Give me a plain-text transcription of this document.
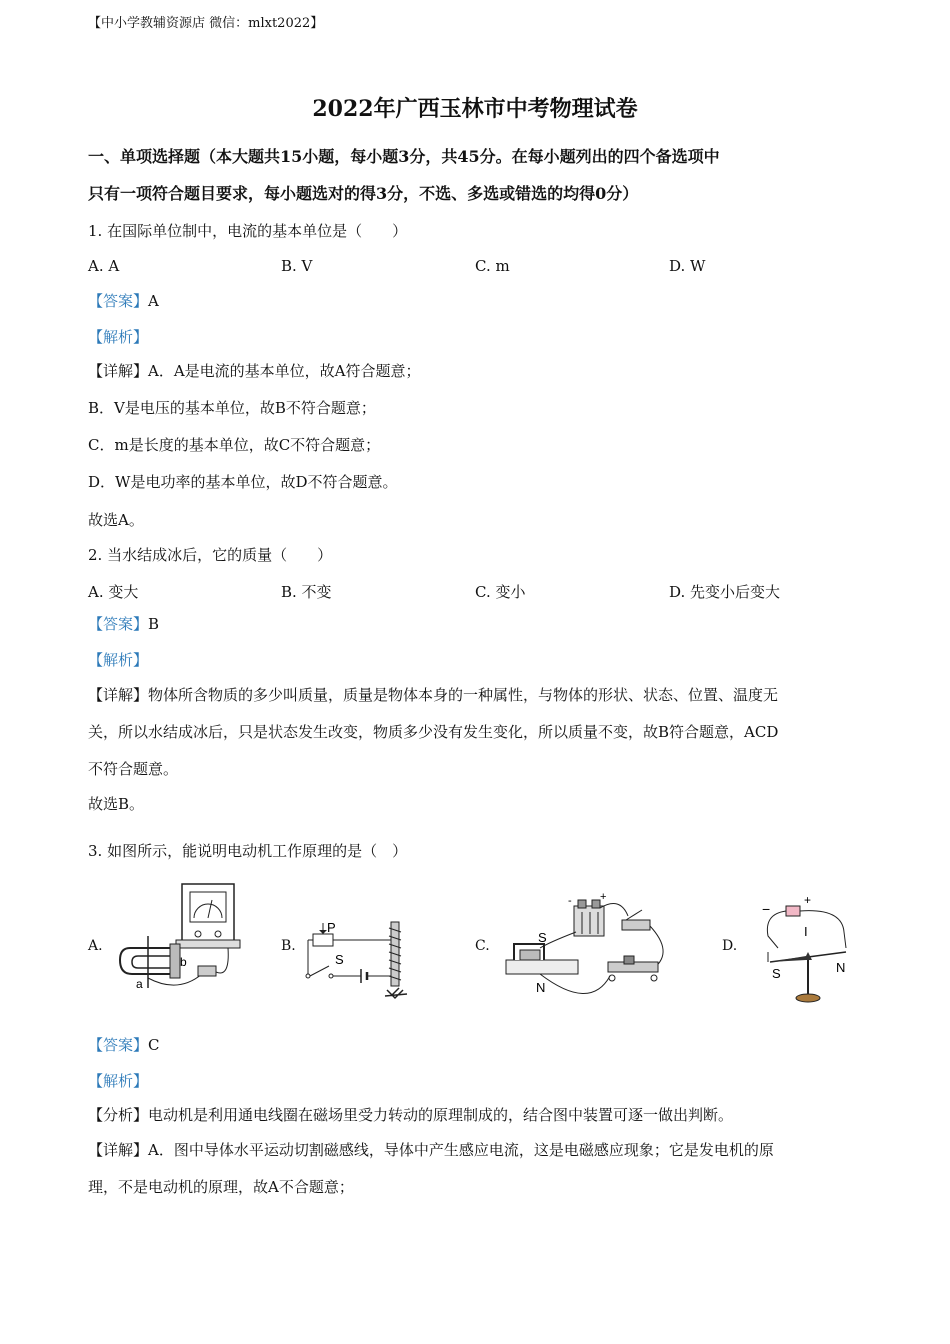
【中小学教辅资源店 微信：mlxt2022】
2022年广西玉林市中考物理试卷
一、单项选择题（本大题共15小题，每小题3分，共45分。在每小题列出的四个备选项中
只有一项符合题目要求，每小题选对的得3分，不选、多选或错选的均得0分）
1. 在国际单位制中，电流的基本单位是（　　）
A. A	B. V	C. m	D. W
【答案】A
【解析】
【详解】A．A是电流的基本单位，故A符合题意；
B．V是电压的基本单位，故B不符合题意；
C．m是长度的基本单位，故C不符合题意；
D．W是电功率的基本单位，故D不符合题意。
故选A。
2. 当水结成冰后，它的质量（　　）
A. 变大	B. 不变	C. 变小	D. 先变小后变大
【答案】B
【解析】
【详解】物体所含物质的多少叫质量，质量是物体本身的一种属性，与物体的形状、状态、位置、温度无
关，所以水结成冰后，只是状态发生改变，物质多少没有发生变化，所以质量不变，故B符合题意，ACD
不符合题意。
故选B。
3. 如图所示，能说明电动机工作原理的是（　）
A.	B.	C.	D.
a
b
P
S
S
N
-	+
−
+
I
S	N
【答案】C
【解析】
【分析】电动机是利用通电线圈在磁场里受力转动的原理制成的，结合图中装置可逐一做出判断。
【详解】A．图中导体水平运动切割磁感线，导体中产生感应电流，这是电磁感应现象；它是发电机的原
理，不是电动机的原理，故A不合题意；
